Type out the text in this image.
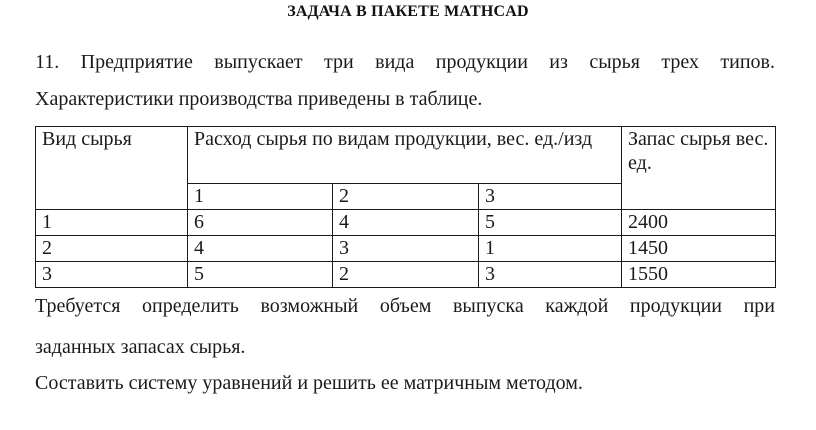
ЗАДАЧА В ПАКЕТЕ MATHCAD
11. Предприятие выпускает три вида продукции из сырья трех типов.
Характеристики производства приведены в таблице.
Вид сырья	Расход сырья по видам продукции, вес. ед./изд			Запас сырья вес. ед.
	1	2	3	
1	6	4	5	2400
2	4	3	1	1450
3	5	2	3	1550
Требуется определить возможный объем выпуска каждой продукции при
заданных запасах сырья.
Составить систему уравнений и решить ее матричным методом.
